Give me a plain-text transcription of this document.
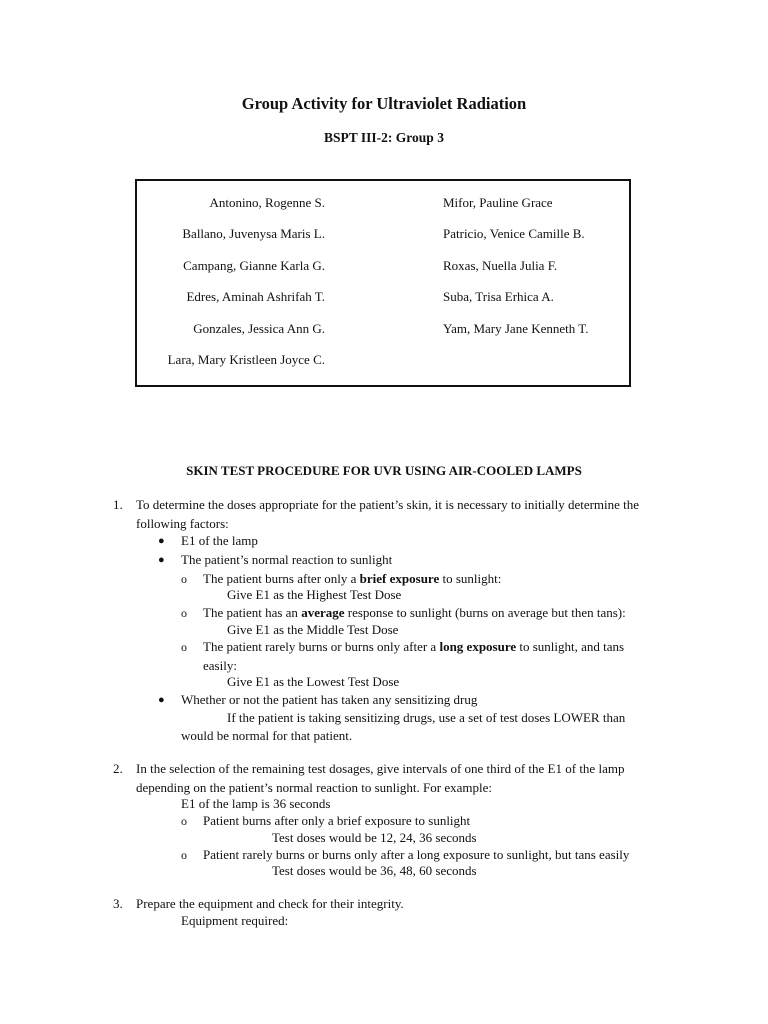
Group Activity for Ultraviolet Radiation
BSPT III-2: Group 3
Antonino, Rogenne S.
Ballano, Juvenysa Maris L.
Campang, Gianne Karla G.
Edres, Aminah Ashrifah T.
Gonzales, Jessica Ann G.
Lara, Mary Kristleen Joyce C.
Mifor, Pauline Grace
Patricio, Venice Camille B.
Roxas, Nuella Julia F.
Suba, Trisa Erhica A.
Yam, Mary Jane Kenneth T.
SKIN TEST PROCEDURE FOR UVR USING AIR-COOLED LAMPS
1. To determine the doses appropriate for the patient’s skin, it is necessary to initially determine the
following factors:
● E1 of the lamp
● The patient’s normal reaction to sunlight
o The patient burns after only a brief exposure to sunlight:
Give E1 as the Highest Test Dose
o The patient has an average response to sunlight (burns on average but then tans):
Give E1 as the Middle Test Dose
o The patient rarely burns or burns only after a long exposure to sunlight, and tans
easily:
Give E1 as the Lowest Test Dose
● Whether or not the patient has taken any sensitizing drug
If the patient is taking sensitizing drugs, use a set of test doses LOWER than
would be normal for that patient.
2. In the selection of the remaining test dosages, give intervals of one third of the E1 of the lamp
depending on the patient’s normal reaction to sunlight. For example:
E1 of the lamp is 36 seconds
o Patient burns after only a brief exposure to sunlight
Test doses would be 12, 24, 36 seconds
o Patient rarely burns or burns only after a long exposure to sunlight, but tans easily
Test doses would be 36, 48, 60 seconds
3. Prepare the equipment and check for their integrity.
Equipment required:
